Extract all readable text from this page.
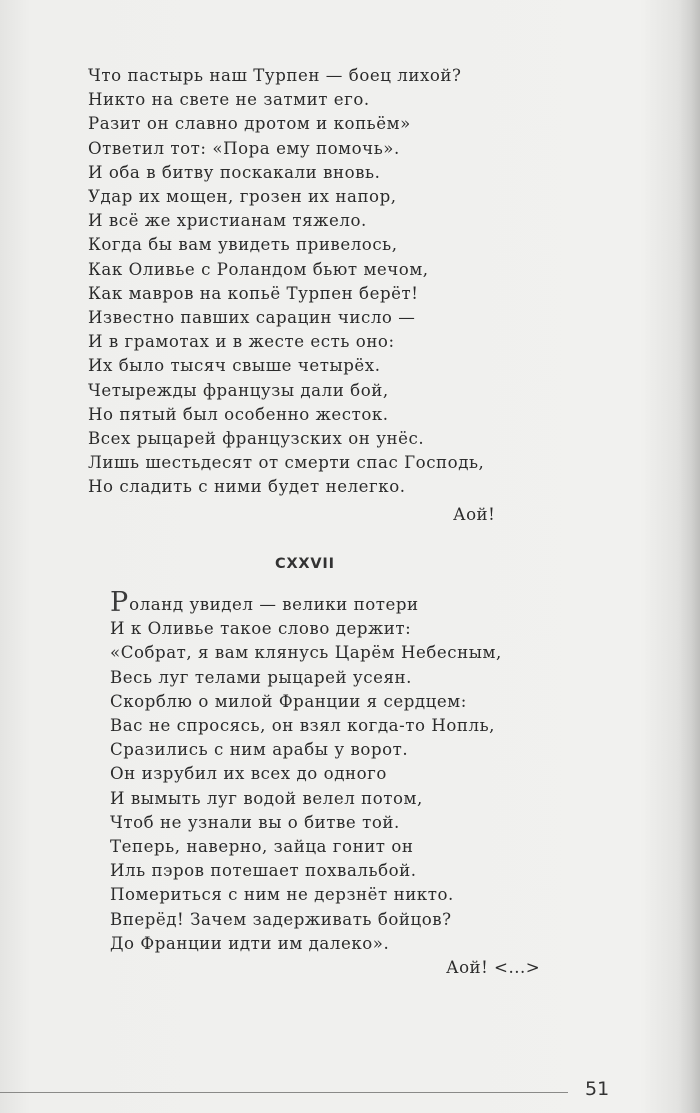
Что пастырь наш Турпен — боец лихой?
Никто на свете не затмит его.
Разит он славно дротом и копьём»
Ответил тот: «Пора ему помочь».
И оба в битву поскакали вновь.
Удар их мощен, грозен их напор,
И всё же христианам тяжело.
Когда бы вам увидеть привелось,
Как Оливье с Роландом бьют мечом,
Как мавров на копьё Турпен берёт!
Известно павших сарацин число —
И в грамотах и в жесте есть оно:
Их было тысяч свыше четырёх.
Четырежды французы дали бой,
Но пятый был особенно жесток.
Всех рыцарей французских он унёс.
Лишь шестьдесят от смерти спас Господь,
Но сладить с ними будет нелегко.
Аой!
CXXVII
Роланд увидел — велики потери
И к Оливье такое слово держит:
«Собрат, я вам клянусь Царём Небесным,
Весь луг телами рыцарей усеян.
Скорблю о милой Франции я сердцем:
Вас не спросясь, он взял когда-то Нопль,
Сразились с ним арабы у ворот.
Он изрубил их всех до одного
И вымыть луг водой велел потом,
Чтоб не узнали вы о битве той.
Теперь, наверно, зайца гонит он
Иль пэров потешает похвальбой.
Помериться с ним не дерзнёт никто.
Вперёд! Зачем задерживать бойцов?
До Франции идти им далеко».
Аой! <...>
51
